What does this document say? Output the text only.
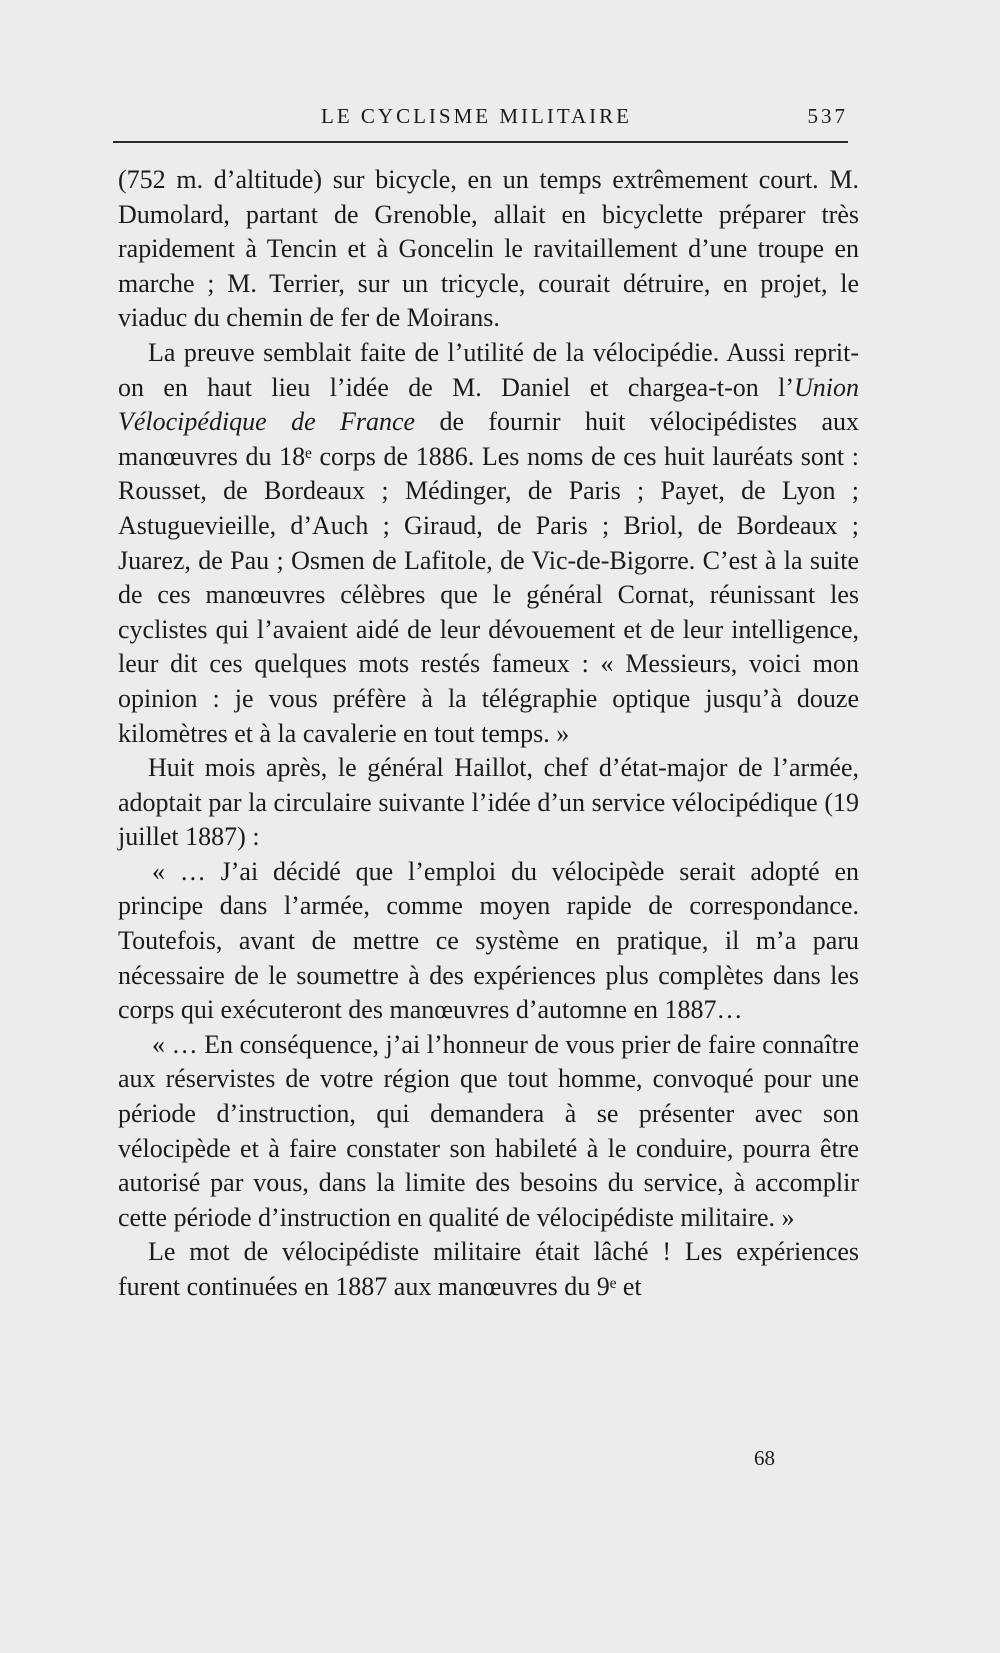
LE CYCLISME MILITAIRE	537

(752 m. d’altitude) sur bicycle, en un temps extrêmement court. M. Dumolard, partant de Grenoble, allait en bicyclette préparer très rapidement à Tencin et à Goncelin le ravitaillement d’une troupe en marche ; M. Terrier, sur un tricycle, courait détruire, en projet, le viaduc du chemin de fer de Moirans.

La preuve semblait faite de l’utilité de la vélocipédie. Aussi reprit-on en haut lieu l’idée de M. Daniel et chargea-t-on l’Union Vélocipédique de France de fournir huit vélocipédistes aux manœuvres du 18ᵉ corps de 1886. Les noms de ces huit lauréats sont : Rousset, de Bordeaux ; Médinger, de Paris ; Payet, de Lyon ; Astuguevieille, d’Auch ; Giraud, de Paris ; Briol, de Bordeaux ; Juarez, de Pau ; Osmen de Lafitole, de Vic-de-Bigorre. C’est à la suite de ces manœuvres célèbres que le général Cornat, réunissant les cyclistes qui l’avaient aidé de leur dévouement et de leur intelligence, leur dit ces quelques mots restés fameux : « Messieurs, voici mon opinion : je vous préfère à la télégraphie optique jusqu’à douze kilomètres et à la cavalerie en tout temps. »

Huit mois après, le général Haillot, chef d’état-major de l’armée, adoptait par la circulaire suivante l’idée d’un service vélocipédique (19 juillet 1887) :

« … J’ai décidé que l’emploi du vélocipède serait adopté en principe dans l’armée, comme moyen rapide de correspondance. Toutefois, avant de mettre ce système en pratique, il m’a paru nécessaire de le soumettre à des expériences plus complètes dans les corps qui exécuteront des manœuvres d’automne en 1887…

« … En conséquence, j’ai l’honneur de vous prier de faire connaître aux réservistes de votre région que tout homme, convoqué pour une période d’instruction, qui demandera à se présenter avec son vélocipède et à faire constater son habileté à le conduire, pourra être autorisé par vous, dans la limite des besoins du service, à accomplir cette période d’instruction en qualité de vélocipédiste militaire. »

Le mot de vélocipédiste militaire était lâché ! Les expériences furent continuées en 1887 aux manœuvres du 9ᵉ et

68
